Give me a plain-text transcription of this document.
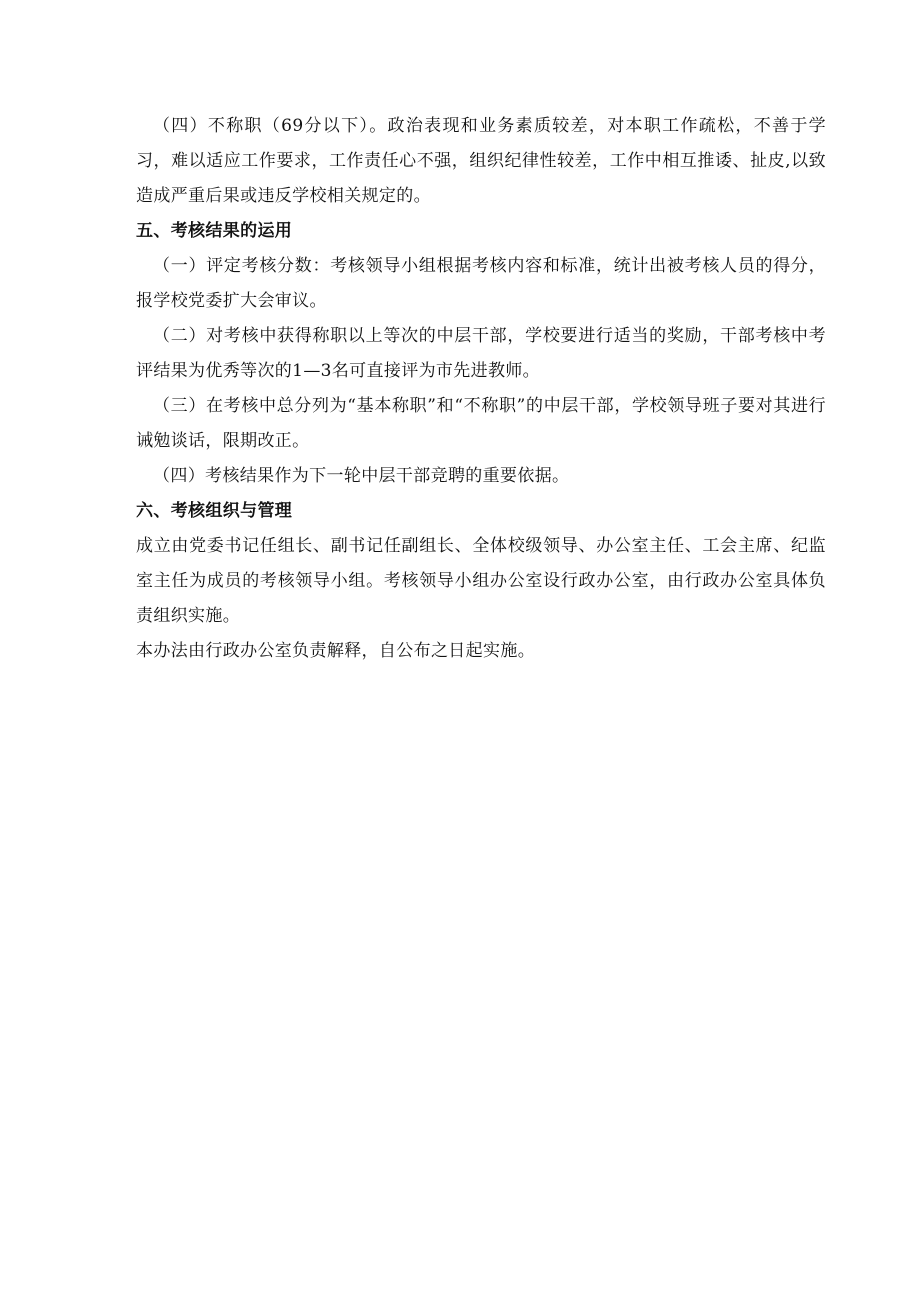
（四）不称职（69分以下）。政治表现和业务素质较差，对本职工作疏松，不善于学习，难以适应工作要求，工作责任心不强，组织纪律性较差，工作中相互推诿、扯皮,以致造成严重后果或违反学校相关规定的。

五、考核结果的运用

（一）评定考核分数：考核领导小组根据考核内容和标准，统计出被考核人员的得分，报学校党委扩大会审议。

（二）对考核中获得称职以上等次的中层干部，学校要进行适当的奖励，干部考核中考评结果为优秀等次的1—3名可直接评为市先进教师。

（三）在考核中总分列为“基本称职”和“不称职”的中层干部，学校领导班子要对其进行诫勉谈话，限期改正。

（四）考核结果作为下一轮中层干部竞聘的重要依据。

六、考核组织与管理

成立由党委书记任组长、副书记任副组长、全体校级领导、办公室主任、工会主席、纪监室主任为成员的考核领导小组。考核领导小组办公室设行政办公室，由行政办公室具体负责组织实施。

本办法由行政办公室负责解释，自公布之日起实施。
